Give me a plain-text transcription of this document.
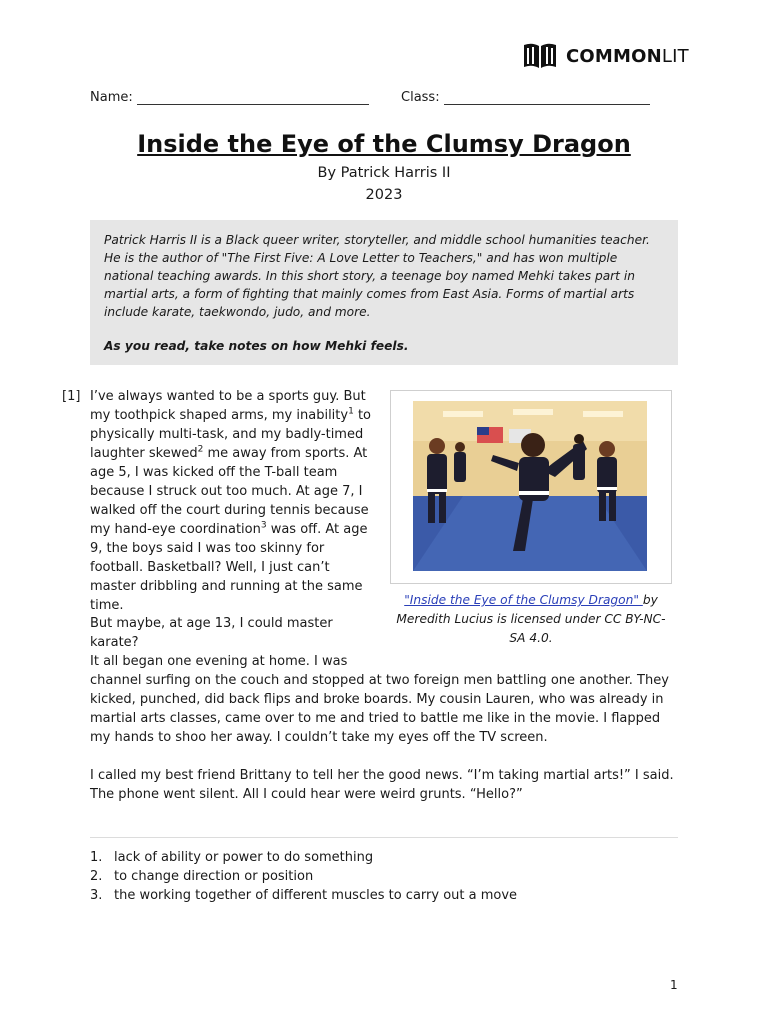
COMMONLIT
Name:	Class:
Inside the Eye of the Clumsy Dragon
By Patrick Harris II
2023

Patrick Harris II is a Black queer writer, storyteller, and middle school humanities teacher. He is the author of "The First Five: A Love Letter to Teachers," and has won multiple national teaching awards. In this short story, a teenage boy named Mehki takes part in martial arts, a form of fighting that mainly comes from East Asia. Forms of martial arts include karate, taekwondo, judo, and more.

As you read, take notes on how Mehki feels.

[1] I’ve always wanted to be a sports guy. But my toothpick shaped arms, my inability$^1$ to physically multi-task, and my badly-timed laughter skewed$^2$ me away from sports. At age 5, I was kicked off the T-ball team because I struck out too much. At age 7, I walked off the court during tennis because my hand-eye coordination$^3$ was off. At age 9, the boys said I was too skinny for football. Basketball? Well, I just can’t master dribbling and running at the same time.

But maybe, at age 13, I could master karate?

It all began one evening at home. I was

channel surfing on the couch and stopped at two foreign men battling one another. They kicked, punched, did back flips and broke boards. My cousin Lauren, who was already in martial arts classes, came over to me and tried to battle me like in the movie. I flapped my hands to shoo her away. I couldn’t take my eyes off the TV screen.

I called my best friend Brittany to tell her the good news. “I’m taking martial arts!” I said. The phone went silent. All I could hear were weird grunts. “Hello?”

"Inside the Eye of the Clumsy Dragon" by Meredith Lucius is licensed under CC BY-NC-SA 4.0.
1. lack of ability or power to do something
2. to change direction or position
3. the working together of different muscles to carry out a move
1
